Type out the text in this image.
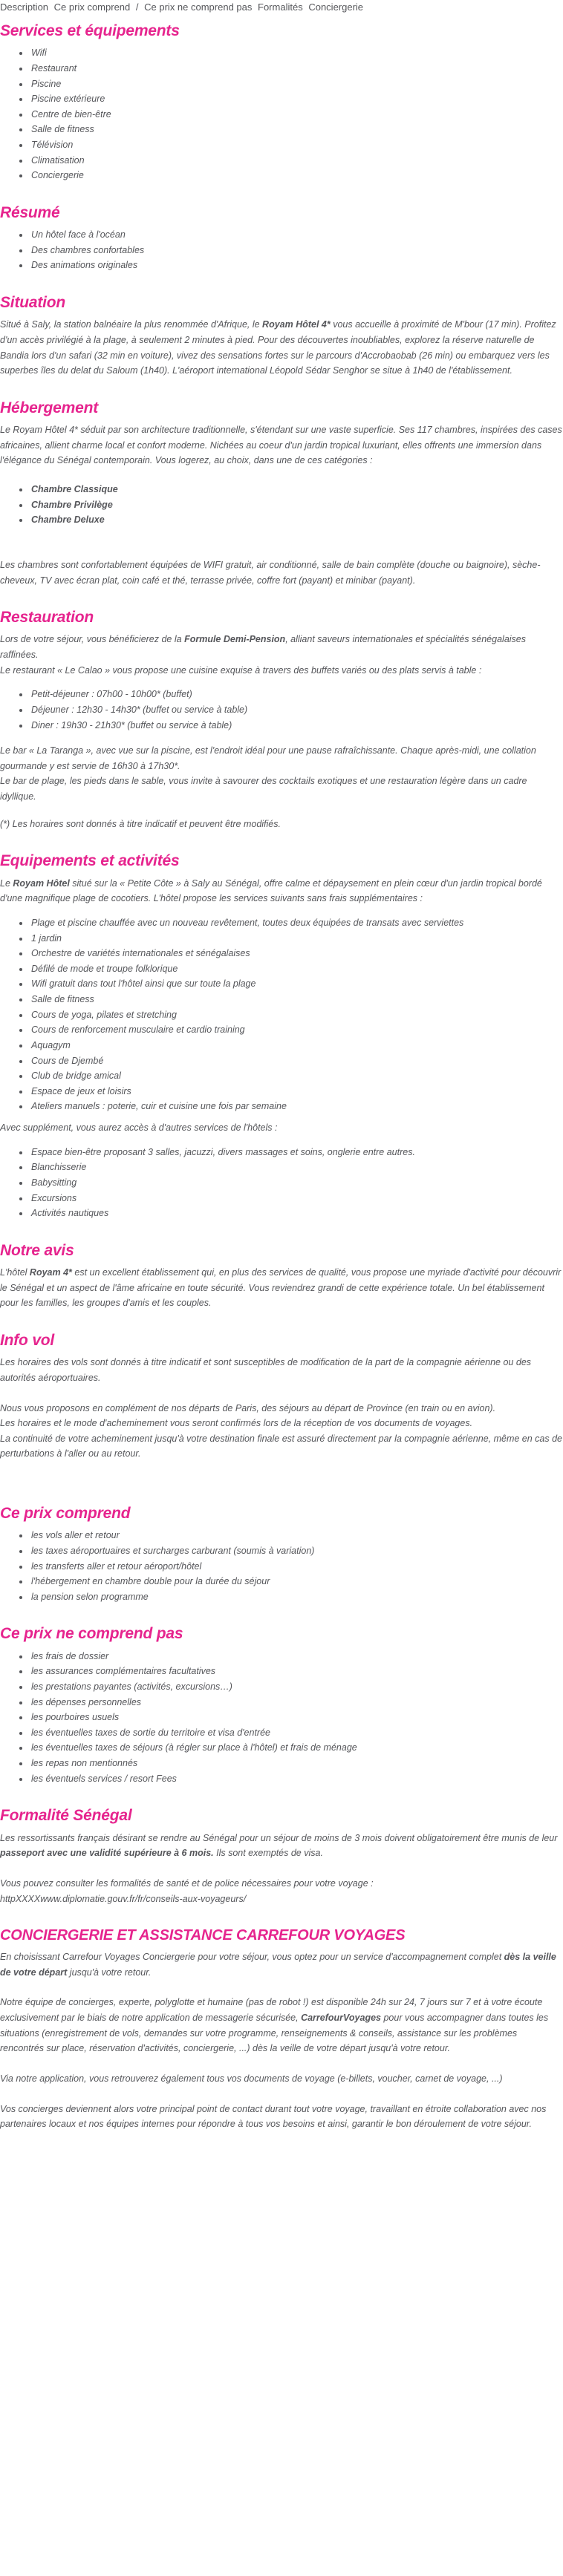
Description Ce prix comprend / Ce prix ne comprend pas Formalités Conciergerie
Services et équipements
• Wifi
• Restaurant
• Piscine
• Piscine extérieure
• Centre de bien-être
• Salle de fitness
• Télévision
• Climatisation
• Conciergerie
Résumé
• Un hôtel face à l'océan
• Des chambres confortables
• Des animations originales
Situation

Situé à Saly, la station balnéaire la plus renommée d'Afrique, le Royam Hôtel 4* vous accueille à proximité de M'bour (17 min). Profitez d'un accès privilégié à la plage, à seulement 2 minutes à pied. Pour des découvertes inoubliables, explorez la réserve naturelle de Bandia lors d'un safari (32 min en voiture), vivez des sensations fortes sur le parcours d'Accrobaobab (26 min) ou embarquez vers les superbes îles du delat du Saloum (1h40). L'aéroport international Léopold Sédar Senghor se situe à 1h40 de l'établissement.

Hébergement

Le Royam Hôtel 4* séduit par son architecture traditionnelle, s'étendant sur une vaste superficie. Ses 117 chambres, inspirées des cases africaines, allient charme local et confort moderne. Nichées au coeur d'un jardin tropical luxuriant, elles offrents une immersion dans l'élégance du Sénégal contemporain. Vous logerez, au choix, dans une de ces catégories :

• Chambre Classique
• Chambre Privilège
• Chambre Deluxe

Les chambres sont confortablement équipées de WIFI gratuit, air conditionné, salle de bain complète (douche ou baignoire), sèche-cheveux, TV avec écran plat, coin café et thé, terrasse privée, coffre fort (payant) et minibar (payant).

Restauration

Lors de votre séjour, vous bénéficierez de la Formule Demi-Pension, alliant saveurs internationales et spécialités sénégalaises raffinées.
Le restaurant « Le Calao » vous propose une cuisine exquise à travers des buffets variés ou des plats servis à table :

• Petit-déjeuner : 07h00 - 10h00* (buffet)
• Déjeuner : 12h30 - 14h30* (buffet ou service à table)
• Diner : 19h30 - 21h30* (buffet ou service à table)

Le bar « La Taranga », avec vue sur la piscine, est l'endroit idéal pour une pause rafraîchissante. Chaque après-midi, une collation gourmande y est servie de 16h30 à 17h30*.
Le bar de plage, les pieds dans le sable, vous invite à savourer des cocktails exotiques et une restauration légère dans un cadre idyllique.

(*) Les horaires sont donnés à titre indicatif et peuvent être modifiés.

Equipements et activités

Le Royam Hôtel situé sur la « Petite Côte » à Saly au Sénégal, offre calme et dépaysement en plein cœur d'un jardin tropical bordé d'une magnifique plage de cocotiers. L'hôtel propose les services suivants sans frais supplémentaires :

• Plage et piscine chauffée avec un nouveau revêtement, toutes deux équipées de transats avec serviettes
• 1 jardin
• Orchestre de variétés internationales et sénégalaises
• Défilé de mode et troupe folklorique
• Wifi gratuit dans tout l'hôtel ainsi que sur toute la plage
• Salle de fitness
• Cours de yoga, pilates et stretching
• Cours de renforcement musculaire et cardio training
• Aquagym
• Cours de Djembé
• Club de bridge amical
• Espace de jeux et loisirs
• Ateliers manuels : poterie, cuir et cuisine une fois par semaine

Avec supplément, vous aurez accès à d'autres services de l'hôtels :

• Espace bien-être proposant 3 salles, jacuzzi, divers massages et soins, onglerie entre autres.
• Blanchisserie
• Babysitting
• Excursions
• Activités nautiques
Notre avis

L'hôtel Royam 4* est un excellent établissement qui, en plus des services de qualité, vous propose une myriade d'activité pour découvrir le Sénégal et un aspect de l'âme africaine en toute sécurité. Vous reviendrez grandi de cette expérience totale. Un bel établissement pour les familles, les groupes d'amis et les couples.

Info vol

Les horaires des vols sont donnés à titre indicatif et sont susceptibles de modification de la part de la compagnie aérienne ou des autorités aéroportuaires.

Nous vous proposons en complément de nos départs de Paris, des séjours au départ de Province (en train ou en avion).
Les horaires et le mode d'acheminement vous seront confirmés lors de la réception de vos documents de voyages.
La continuité de votre acheminement jusqu'à votre destination finale est assuré directement par la compagnie aérienne, même en cas de perturbations à l'aller ou au retour.

Ce prix comprend
• les vols aller et retour
• les taxes aéroportuaires et surcharges carburant (soumis à variation)
• les transferts aller et retour aéroport/hôtel
• l'hébergement en chambre double pour la durée du séjour
• la pension selon programme
Ce prix ne comprend pas
• les frais de dossier
• les assurances complémentaires facultatives
• les prestations payantes (activités, excursions…)
• les dépenses personnelles
• les pourboires usuels
• les éventuelles taxes de sortie du territoire et visa d'entrée
• les éventuelles taxes de séjours (à régler sur place à l'hôtel) et frais de ménage
• les repas non mentionnés
• les éventuels services / resort Fees
Formalité Sénégal

Les ressortissants français désirant se rendre au Sénégal pour un séjour de moins de 3 mois doivent obligatoirement être munis de leur passeport avec une validité supérieure à 6 mois. Ils sont exemptés de visa.

Vous pouvez consulter les formalités de santé et de police nécessaires pour votre voyage :
httpXXXXwww.diplomatie.gouv.fr/fr/conseils-aux-voyageurs/

CONCIERGERIE ET ASSISTANCE CARREFOUR VOYAGES

En choisissant Carrefour Voyages Conciergerie pour votre séjour, vous optez pour un service d'accompagnement complet dès la veille de votre départ jusqu'à votre retour.

Notre équipe de concierges, experte, polyglotte et humaine (pas de robot !) est disponible 24h sur 24, 7 jours sur 7 et à votre écoute exclusivement par le biais de notre application de messagerie sécurisée, CarrefourVoyages pour vous accompagner dans toutes les situations (enregistrement de vols, demandes sur votre programme, renseignements & conseils, assistance sur les problèmes rencontrés sur place, réservation d'activités, conciergerie, ...) dès la veille de votre départ jusqu'à votre retour.

Via notre application, vous retrouverez également tous vos documents de voyage (e-billets, voucher, carnet de voyage, ...)

Vos concierges deviennent alors votre principal point de contact durant tout votre voyage, travaillant en étroite collaboration avec nos partenaires locaux et nos équipes internes pour répondre à tous vos besoins et ainsi, garantir le bon déroulement de votre séjour.
